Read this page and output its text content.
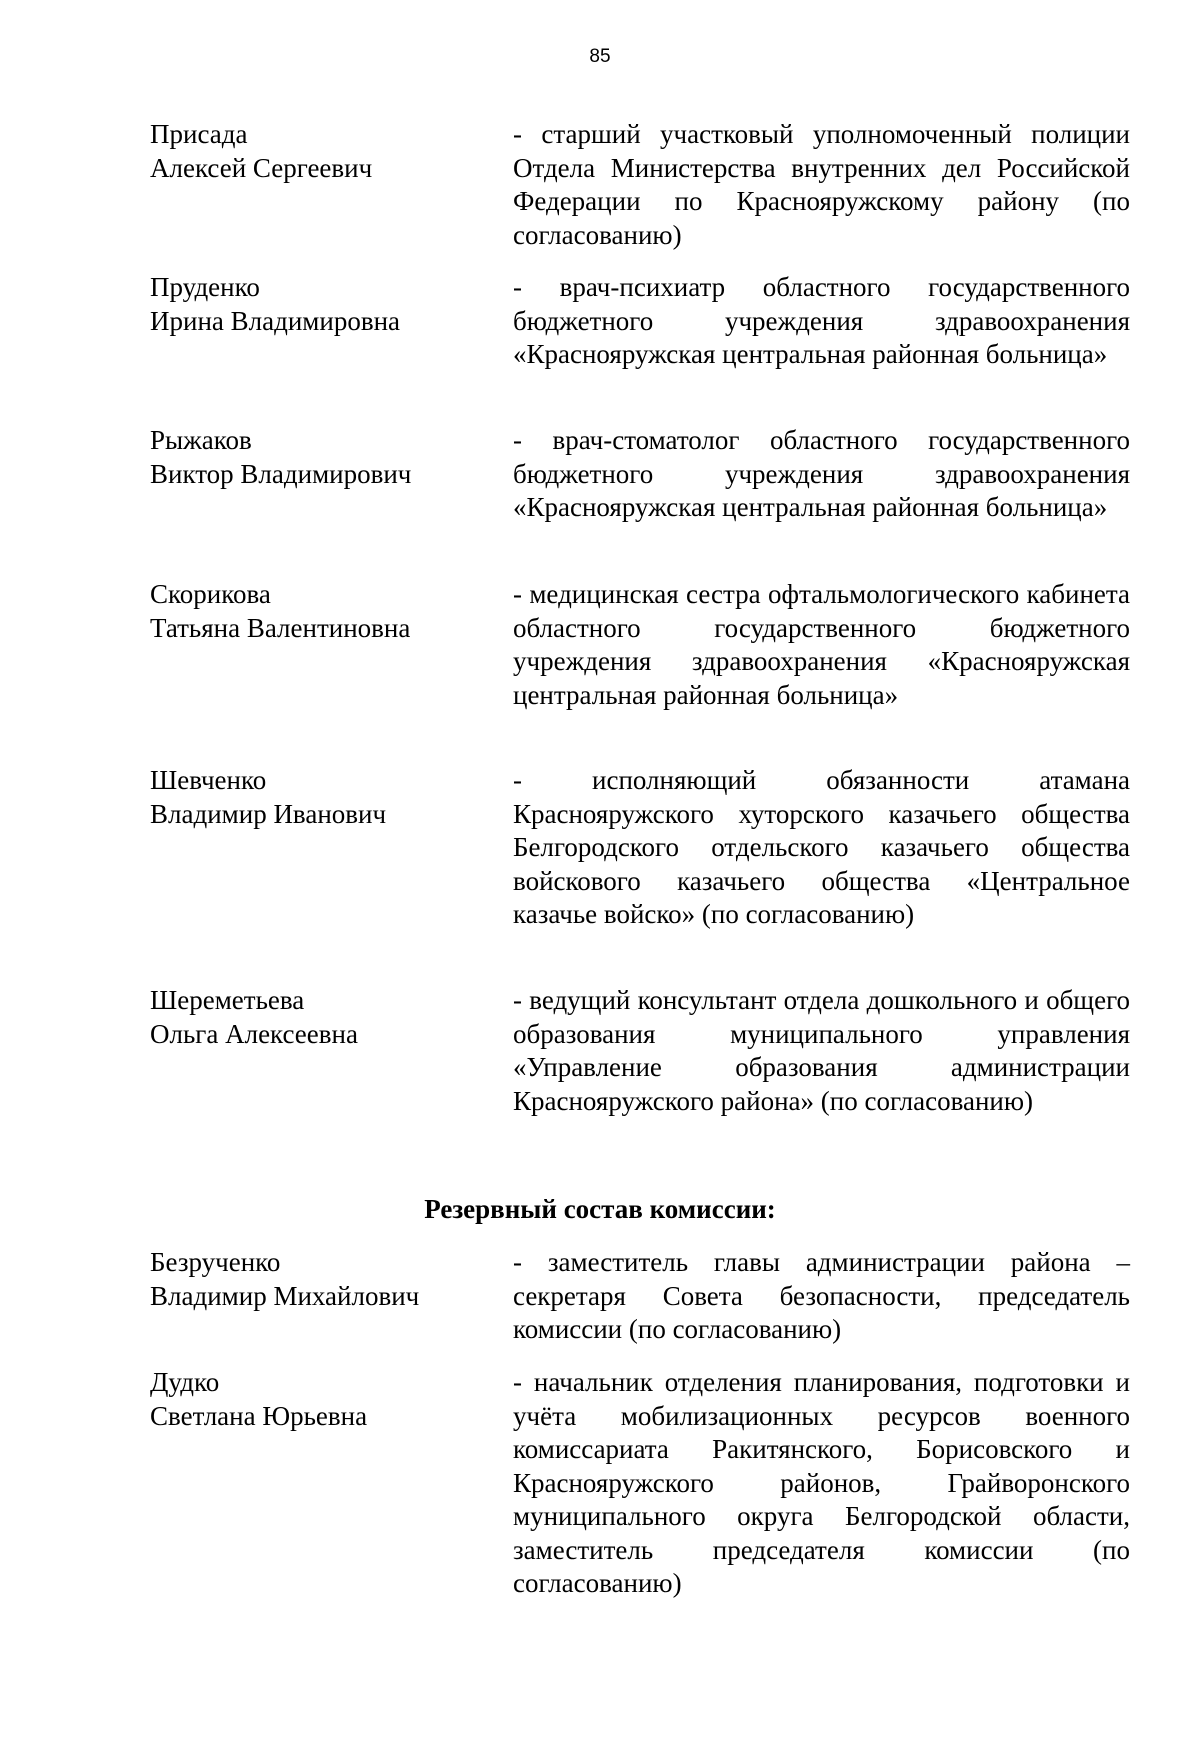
85
Присада
Алексей Сергеевич
- старший участковый уполномоченный полиции Отдела Министерства внутренних дел Российской Федерации по Краснояружскому району (по согласованию)
Пруденко
Ирина Владимировна
- врач-психиатр областного государственного бюджетного учреждения здравоохранения «Краснояружская центральная районная больница»
Рыжаков
Виктор Владимирович
- врач-стоматолог областного государственного бюджетного учреждения здравоохранения «Краснояружская центральная районная больница»
Скорикова
Татьяна Валентиновна
- медицинская сестра офтальмологического кабинета областного государственного бюджетного учреждения здравоохранения «Краснояружская центральная районная больница»
Шевченко
Владимир Иванович
- исполняющий обязанности атамана Краснояружского хуторского казачьего общества Белгородского отдельского казачьего общества войскового казачьего общества «Центральное казачье войско» (по согласованию)
Шереметьева
Ольга Алексеевна
- ведущий консультант отдела дошкольного и общего образования муниципального управления «Управление образования администрации Краснояружского района» (по согласованию)
Резервный состав комиссии:
Безрученко
Владимир Михайлович
- заместитель главы администрации района – секретаря Совета безопасности, председатель комиссии (по согласованию)
Дудко
Светлана Юрьевна
- начальник отделения планирования, подготовки и учёта мобилизационных ресурсов военного комиссариата Ракитянского, Борисовского и Краснояружского районов, Грайворонского муниципального округа Белгородской области, заместитель председателя комиссии (по согласованию)
